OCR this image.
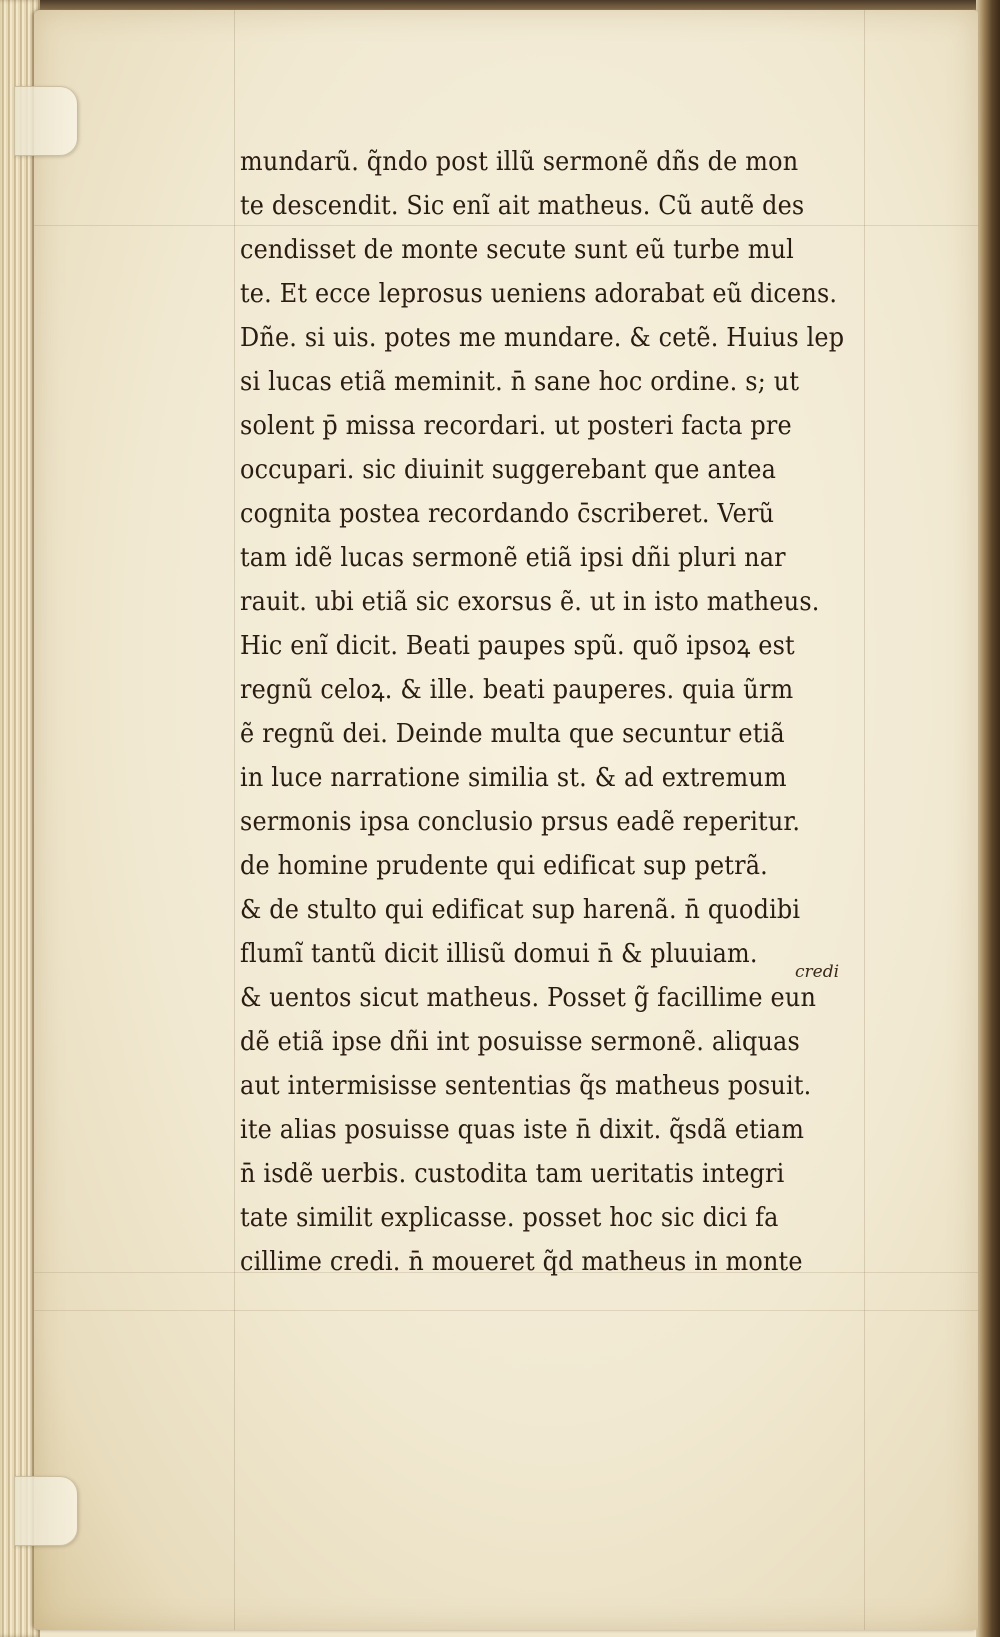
mundarũ. q̃ndo post illũ sermonẽ dñs de mon
te descendit. Sic enĩ ait matheus. Cũ autẽ des
cendisset de monte secute sunt eũ turbe mul
te. Et ecce leprosus ueniens adorabat eũ dicens.
Dñe. si uis. potes me mundare. & cetẽ. Huius lep
si lucas etiã meminit. n̄ sane hoc ordine. s; ut
solent p̄ missa recordari. ut posteri facta pre
occupari. sic diuinit suggerebant que antea
cognita postea recordando c̄scriberet. Verũ
tam idẽ lucas sermonẽ etiã ipsi dñi pluri nar
rauit. ubi etiã sic exorsus ẽ. ut in isto matheus.
Hic enĩ dicit. Beati paupes spũ. quõ ipsoꝝ est
regnũ celoꝝ. & ille. beati pauperes. quia ũrm
ẽ regnũ dei. Deinde multa que secuntur etiã
in luce narratione similia st. & ad extremum
sermonis ipsa conclusio prsus eadẽ reperitur.
de homine prudente qui edificat sup petrã.
& de stulto qui edificat sup harenã. n̄ quodibi
flumĩ tantũ dicit illisũ domui n̄ & pluuiam.
& uentos sicut matheus. Posset g̃ facillime eun
dẽ etiã ipse dñi int posuisse sermonẽ. aliquas
aut intermisisse sententias q̃s matheus posuit.
ite alias posuisse quas iste n̄ dixit. q̃sdã etiam
n̄ isdẽ uerbis. custodita tam ueritatis integri
tate similit explicasse. posset hoc sic dici fa
cillime credi. n̄ moueret q̃d matheus in monte
credi
